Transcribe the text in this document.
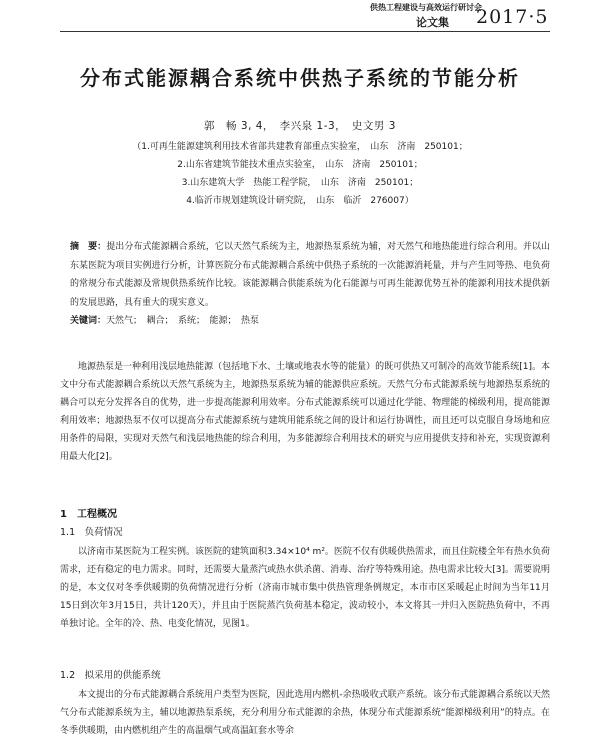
供热工程建设与高效运行研讨会
论文集 2017·5
分布式能源耦合系统中供热子系统的节能分析
郭　畅 3, 4，　李兴泉 1-3，　史文男 3
（1.可再生能源建筑利用技术省部共建教育部重点实验室，　山东　济南　250101；
2.山东省建筑节能技术重点实验室，　山东　济南　250101；
3.山东建筑大学　热能工程学院，　山东　济南　250101；
4.临沂市规划建筑设计研究院，　山东　临沂　276007）
摘　要：提出分布式能源耦合系统，它以天然气系统为主，地源热泵系统为辅，对天然气和地热能进行综合利用。并以山东某医院为项目实例进行分析，计算医院分布式能源耦合系统中供热子系统的一次能源消耗量，并与产生同等热、电负荷的常规分布式能源及常规供热系统作比较。该能源耦合供能系统为化石能源与可再生能源优势互补的能源利用技术提供新的发展思路，具有重大的现实意义。
关键词：天然气；　耦合；　系统；　能源；　热泵
地源热泵是一种利用浅层地热能源（包括地下水、土壤或地表水等的能量）的既可供热又可制冷的高效节能系统[1]。本文中分布式能源耦合系统以天然气系统为主，地源热泵系统为辅的能源供应系统。天然气分布式能源系统与地源热泵系统的耦合可以充分发挥各自的优势，进一步提高能源利用效率。分布式能源系统可以通过化学能、物理能的梯级利用，提高能源利用效率；地源热泵不仅可以提高分布式能源系统与建筑用能系统之间的设计和运行协调性，而且还可以克服自身场地和应用条件的局限，实现对天然气和浅层地热能的综合利用，为多能源综合利用技术的研究与应用提供支持和补充，实现资源利用最大化[2]。
1　工程概况
1.1　负荷情况
以济南市某医院为工程实例。该医院的建筑面积3.34×10⁴ m²。医院不仅有供暖供热需求，而且住院楼全年有热水负荷需求，还有稳定的电力需求。同时，还需要大量蒸汽或热水供杀菌、消毒、治疗等特殊用途。热电需求比较大[3]。需要说明的是，本文仅对冬季供暖期的负荷情况进行分析（济南市城市集中供热管理条例规定，本市市区采暖起止时间为当年11月15日到次年3月15日，共计120天），并且由于医院蒸汽负荷基本稳定，波动较小，本文将其一并归入医院热负荷中，不再单独讨论。全年的冷、热、电变化情况，见图1。
1.2　拟采用的供能系统
本文提出的分布式能源耦合系统用户类型为医院，因此选用内燃机-余热吸收式联产系统。该分布式能源耦合系统以天然气分布式能源系统为主，辅以地源热泵系统，充分利用分布式能源的余热，体现分布式能源系统“能源梯级利用”的特点。在冬季供暖期，由内燃机组产生的高温烟气或高温缸套水等余
